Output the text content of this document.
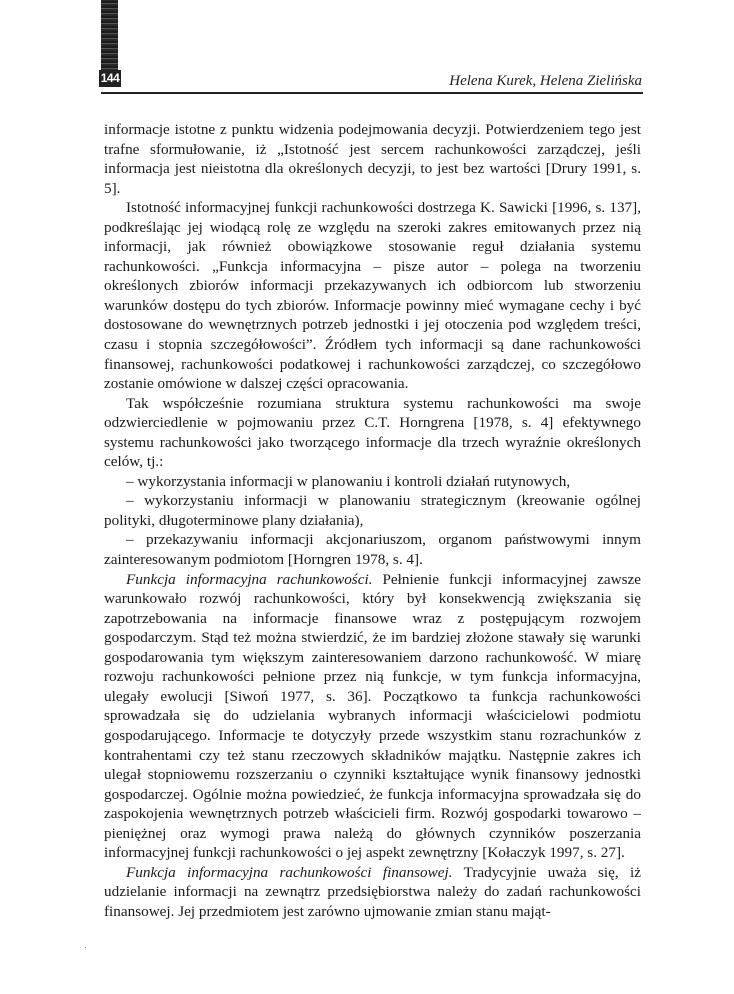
144	Helena Kurek, Helena Zielińska

informacje istotne z punktu widzenia podejmowania decyzji. Potwierdzeniem tego jest trafne sformułowanie, iż „Istotność jest sercem rachunkowości zarządczej, jeśli informacja jest nieistotna dla określonych decyzji, to jest bez wartości [Drury 1991, s. 5].

Istotność informacyjnej funkcji rachunkowości dostrzega K. Sawicki [1996, s. 137], podkreślając jej wiodącą rolę ze względu na szeroki zakres emitowanych przez nią informacji, jak również obowiązkowe stosowanie reguł działania systemu rachunkowości. „Funkcja informacyjna – pisze autor – polega na tworzeniu określonych zbiorów informacji przekazywanych ich odbiorcom lub stworzeniu warunków dostępu do tych zbiorów. Informacje powinny mieć wymagane cechy i być dostosowane do wewnętrznych potrzeb jednostki i jej otoczenia pod względem treści, czasu i stopnia szczegółowości”. Źródłem tych informacji są dane rachunkowości finansowej, rachunkowości podatkowej i rachunkowości zarządczej, co szczegółowo zostanie omówione w dalszej części opracowania.

Tak współcześnie rozumiana struktura systemu rachunkowości ma swoje odzwierciedlenie w pojmowaniu przez C.T. Horngrena [1978, s. 4] efektywnego systemu rachunkowości jako tworzącego informacje dla trzech wyraźnie określonych celów, tj.:

– wykorzystania informacji w planowaniu i kontroli działań rutynowych,

– wykorzystaniu informacji w planowaniu strategicznym (kreowanie ogólnej polityki, długoterminowe plany działania),

– przekazywaniu informacji akcjonariuszom, organom państwowymi innym zainteresowanym podmiotom [Horngren 1978, s. 4].

Funkcja informacyjna rachunkowości. Pełnienie funkcji informacyjnej zawsze warunkowało rozwój rachunkowości, który był konsekwencją zwiększania się zapotrzebowania na informacje finansowe wraz z postępującym rozwojem gospodarczym. Stąd też można stwierdzić, że im bardziej złożone stawały się warunki gospodarowania tym większym zainteresowaniem darzono rachunkowość. W miarę rozwoju rachunkowości pełnione przez nią funkcje, w tym funkcja informacyjna, ulegały ewolucji [Siwoń 1977, s. 36]. Początkowo ta funkcja rachunkowości sprowadzała się do udzielania wybranych informacji właścicielowi podmiotu gospodarującego. Informacje te dotyczyły przede wszystkim stanu rozrachunków z kontrahentami czy też stanu rzeczowych składników majątku. Następnie zakres ich ulegał stopniowemu rozszerzaniu o czynniki kształtujące wynik finansowy jednostki gospodarczej. Ogólnie można powiedzieć, że funkcja informacyjna sprowadzała się do zaspokojenia wewnętrznych potrzeb właścicieli firm. Rozwój gospodarki towarowo – pieniężnej oraz wymogi prawa należą do głównych czynników poszerzania informacyjnej funkcji rachunkowości o jej aspekt zewnętrzny [Kołaczyk 1997, s. 27].

Funkcja informacyjna rachunkowości finansowej. Tradycyjnie uważa się, iż udzielanie informacji na zewnątrz przedsiębiorstwa należy do zadań rachunkowości finansowej. Jej przedmiotem jest zarówno ujmowanie zmian stanu mająt-
